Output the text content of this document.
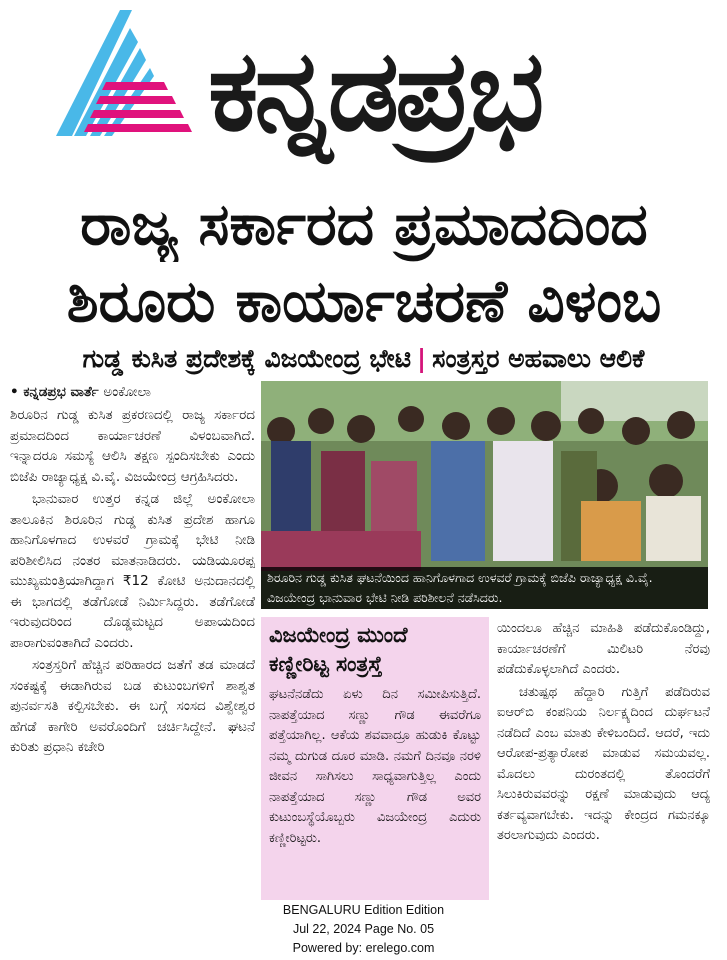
ಕನ್ನಡಪ್ರಭ
ರಾಜ್ಯ ಸರ್ಕಾರದ ಪ್ರಮಾದದಿಂದ
ಶಿರೂರು ಕಾರ್ಯಾಚರಣೆ ವಿಳಂಬ
ಗುಡ್ಡ ಕುಸಿತ ಪ್ರದೇಶಕ್ಕೆ ವಿಜಯೇಂದ್ರ ಭೇಟಿ | ಸಂತ್ರಸ್ತರ ಅಹವಾಲು ಆಲಿಕೆ
• ಕನ್ನಡಪ್ರಭ ವಾರ್ತೆ ಅಂಕೋಲಾ

ಶಿರೂರಿನ ಗುಡ್ಡ ಕುಸಿತ ಪ್ರಕರಣದಲ್ಲಿ ರಾಜ್ಯ ಸರ್ಕಾರದ ಪ್ರಮಾದದಿಂದ ಕಾರ್ಯಾಚರಣೆ ವಿಳಂಬವಾಗಿದೆ. ಇನ್ನಾದರೂ ಸಮಸ್ಯೆ ಆಲಿಸಿ ತಕ್ಷಣ ಸ್ಪಂದಿಸಬೇಕು ಎಂದು ಬಿಜೆಪಿ ರಾಜ್ಯಾಧ್ಯಕ್ಷ ವಿ.ವೈ. ವಿಜಯೇಂದ್ರ ಆಗ್ರಹಿಸಿದರು.

ಭಾನುವಾರ ಉತ್ತರ ಕನ್ನಡ ಜಿಲ್ಲೆ ಅಂಕೋಲಾ ತಾಲೂಕಿನ ಶಿರೂರಿನ ಗುಡ್ಡ ಕುಸಿತ ಪ್ರದೇಶ ಹಾಗೂ ಹಾನಿಗೊಳಗಾದ ಉಳವರೆ ಗ್ರಾಮಕ್ಕೆ ಭೇಟಿ ನೀಡಿ ಪರಿಶೀಲಿಸಿದ ನಂತರ ಮಾತನಾಡಿದರು. ಯಡಿಯೂರಪ್ಪ ಮುಖ್ಯಮಂತ್ರಿಯಾಗಿದ್ದಾಗ ₹12 ಕೋಟಿ ಅನುದಾನದಲ್ಲಿ ಈ ಭಾಗದಲ್ಲಿ ತಡೆಗೋಡೆ ನಿರ್ಮಿಸಿದ್ದರು. ತಡೆಗೋಡೆ ಇರುವುದರಿಂದ ದೊಡ್ಡಮಟ್ಟದ ಅಪಾಯದಿಂದ ಪಾರಾಗುವಂತಾಗಿದೆ ಎಂದರು.

ಸಂತ್ರಸ್ತರಿಗೆ ಹೆಚ್ಚಿನ ಪರಿಹಾರದ ಜತೆಗೆ ತಡ ಮಾಡದೆ ಸಂಕಷ್ಟಕ್ಕೆ ಈಡಾಗಿರುವ ಬಡ ಕುಟುಂಬಗಳಿಗೆ ಶಾಶ್ವತ ಪುನರ್ವಸತಿ ಕಲ್ಪಿಸಬೇಕು. ಈ ಬಗ್ಗೆ ಸಂಸದ ವಿಶ್ವೇಶ್ವರ ಹೆಗಡೆ ಕಾಗೇರಿ ಅವರೊಂದಿಗೆ ಚರ್ಚಿಸಿದ್ದೇನೆ. ಘಟನೆ ಕುರಿತು ಪ್ರಧಾನಿ ಕಚೇರಿ

ಶಿರೂರಿನ ಗುಡ್ಡ ಕುಸಿತ ಘಟನೆಯಿಂದ ಹಾನಿಗೊಳಗಾದ ಉಳವರೆ ಗ್ರಾಮಕ್ಕೆ ಬಿಜೆಪಿ ರಾಜ್ಯಾಧ್ಯಕ್ಷ ವಿ.ವೈ. ವಿಜಯೇಂದ್ರ ಭಾನುವಾರ ಭೇಟಿ ನೀಡಿ ಪರಿಶೀಲನೆ ನಡೆಸಿದರು.
ವಿಜಯೇಂದ್ರ ಮುಂದೆ
ಕಣ್ಣೀರಿಟ್ಟ ಸಂತ್ರಸ್ತೆ

ಘಟನೆನಡೆದು ಏಳು ದಿನ ಸಮೀಪಿಸುತ್ತಿದೆ. ನಾಪತ್ತೆಯಾದ ಸಣ್ಣು ಗೌಡ ಈವರೆಗೂ ಪತ್ತೆಯಾಗಿಲ್ಲ. ಆಕೆಯ ಶವವಾದ್ರೂ ಹುಡುಕಿ ಕೊಟ್ಟು ನಮ್ಮ ದುಗುಡ ದೂರ ಮಾಡಿ. ನಮಗೆ ದಿನವೂ ನರಳಿ ಜೀವನ ಸಾಗಿಸಲು ಸಾಧ್ಯವಾಗುತ್ತಿಲ್ಲ ಎಂದು ನಾಪತ್ತೆಯಾದ ಸಣ್ಣು ಗೌಡ ಅವರ ಕುಟುಂಬಸ್ಥೆಯೊಬ್ಬರು ವಿಜಯೇಂದ್ರ ಎದುರು ಕಣ್ಣೀರಿಟ್ಟರು.

ಯಿಂದಲೂ ಹೆಚ್ಚಿನ ಮಾಹಿತಿ ಪಡೆದುಕೊಂಡಿದ್ದು, ಕಾರ್ಯಾಚರಣೆಗೆ ಮಿಲಿಟರಿ ನೆರವು ಪಡೆದುಕೊಳ್ಳಲಾಗಿದೆ ಎಂದರು.

ಚತುಷ್ಪಥ ಹೆದ್ದಾರಿ ಗುತ್ತಿಗೆ ಪಡೆದಿರುವ ಐಆರ್‌ಬಿ ಕಂಪನಿಯ ನಿರ್ಲಕ್ಷ್ಯದಿಂದ ದುರ್ಘಟನೆ ನಡೆದಿದೆ ಎಂಬ ಮಾತು ಕೇಳಿಬಂದಿದೆ. ಆದರೆ, ಇದು ಆರೋಪ-ಪ್ರತ್ಯಾರೋಪ ಮಾಡುವ ಸಮಯವಲ್ಲ. ಮೊದಲು ದುರಂತದಲ್ಲಿ ತೊಂದರೆಗೆ ಸಿಲುಕಿರುವವರನ್ನು ರಕ್ಷಣೆ ಮಾಡುವುದು ಆದ್ಯ ಕರ್ತವ್ಯವಾಗಬೇಕು. ಇದನ್ನು ಕೇಂದ್ರದ ಗಮನಕ್ಕೂ ತರಲಾಗುವುದು ಎಂದರು.

BENGALURU Edition Edition
Jul 22, 2024 Page No. 05
Powered by: erelego.com
